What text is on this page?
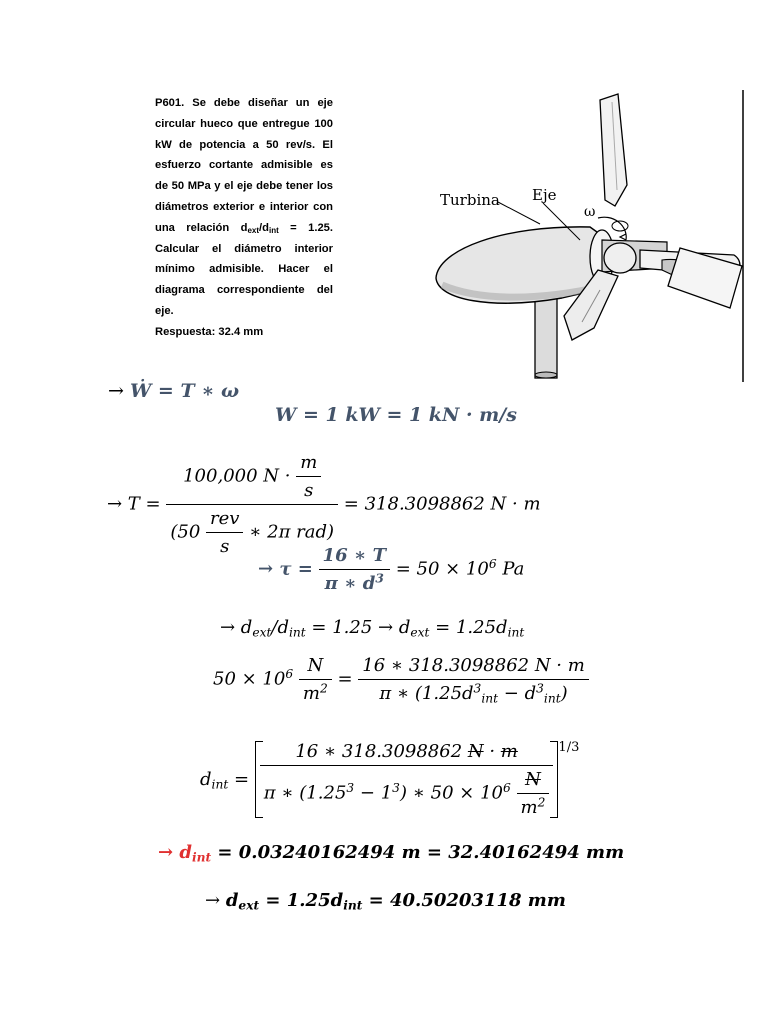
P601. Se debe diseñar un eje circular hueco que entregue 100 kW de potencia a 50 rev/s. El esfuerzo cortante admisible es de 50 MPa y el eje debe tener los diámetros exterior e interior con una relación $d_{ext}/d_{int} = 1.25$. Calcular el diámetro interior mínimo admisible. Hacer el diagrama correspondiente del eje.
Respuesta: 32.4 mm
Turbina Eje
ω
→ Ẇ = T ∗ ω
W = 1 kW = 1 kN · m/s
→ $T = \frac{100,000 N \cdot \frac{m}{s}}{(50 \frac{\text{rev}}{s} ∗ 2\pi rad)} = 318.3098862$ N · m
→ $\tau = \frac{16 ∗ T}{\pi ∗ d^3} = 50 \times 10^6$ Pa
→ $d_{ext}/d_{int} = 1.25 \to d_{ext} = 1.25d_{int}$
$50 \times 10^6 \frac{N}{m^2} = \frac{16 ∗ 318.3098862 N \cdot m}{\pi ∗ (1.25d^3_{int} - d^3_{int})}$
$d_{int} = \frac{16 ∗ 318.3098862 N \cdot m}{\pi ∗ (1.25^3 - 1^3) ∗ 50 \times 10^6 \frac{N}{m^2}} ^{1/3}$
→ $d_{int} = 0.03240162494$ m = 32.40162494 mm
→ $d_{ext} = 1.25d_{int} = 40.50203118$ mm
